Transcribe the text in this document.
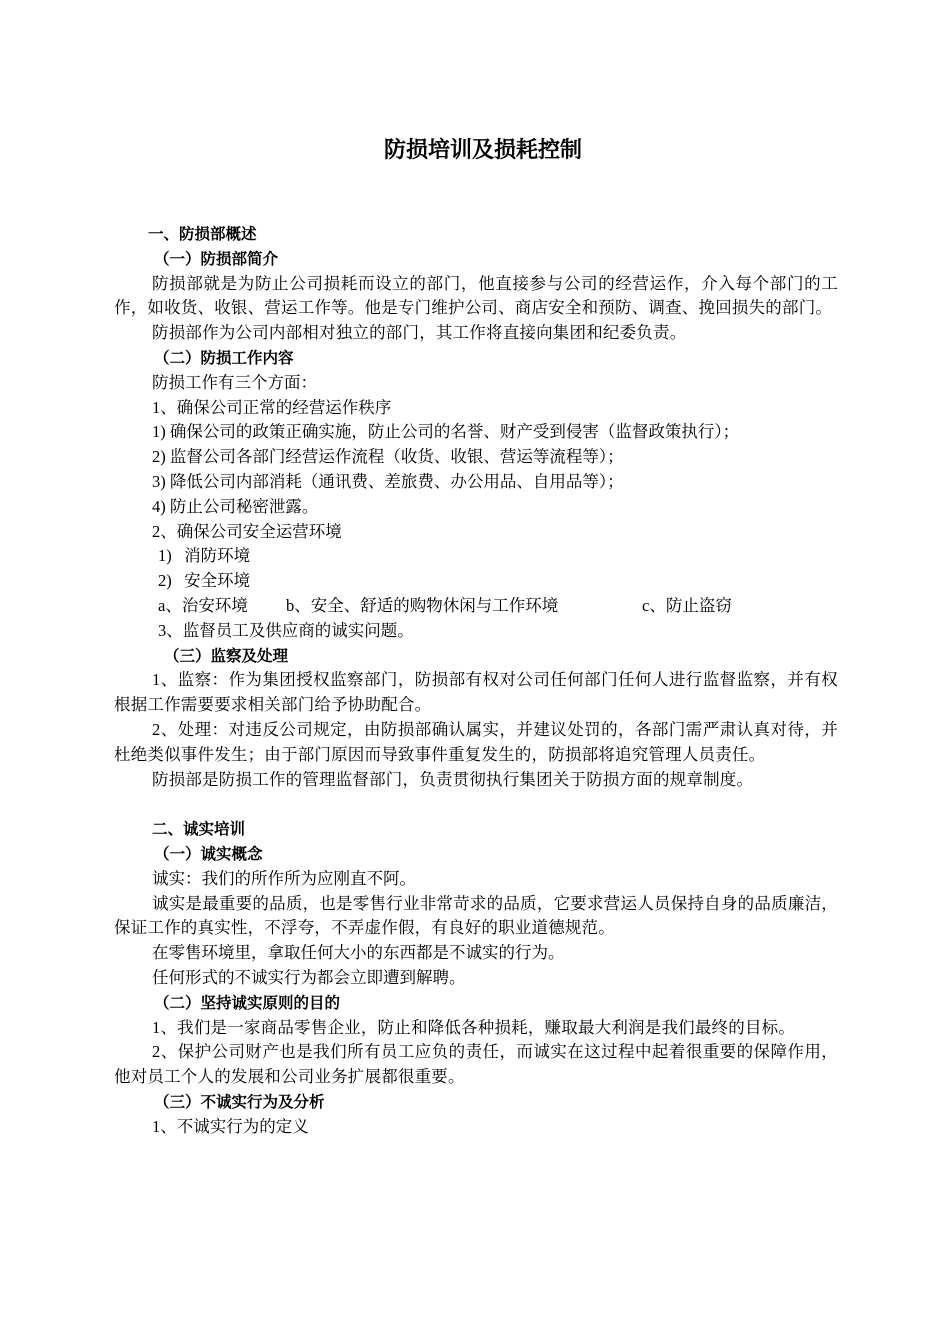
防损培训及损耗控制
一、防损部概述
（一）防损部简介
防损部就是为防止公司损耗而设立的部门，他直接参与公司的经营运作，介入每个部门的工作，如收货、收银、营运工作等。他是专门维护公司、商店安全和预防、调查、挽回损失的部门。
防损部作为公司内部相对独立的部门，其工作将直接向集团和纪委负责。
（二）防损工作内容
防损工作有三个方面：
1、确保公司正常的经营运作秩序
1) 确保公司的政策正确实施，防止公司的名誉、财产受到侵害（监督政策执行）；
2) 监督公司各部门经营运作流程（收货、收银、营运等流程等）；
3) 降低公司内部消耗（通讯费、差旅费、办公用品、自用品等）；
4) 防止公司秘密泄露。
2、确保公司安全运营环境
1)   消防环境
2)   安全环境
a、治安环境 b、安全、舒适的购物休闲与工作环境	c、防止盗窃
3、监督员工及供应商的诚实问题。
（三）监察及处理
1、监察：作为集团授权监察部门，防损部有权对公司任何部门任何人进行监督监察，并有权根据工作需要要求相关部门给予协助配合。
2、处理：对违反公司规定，由防损部确认属实，并建议处罚的，各部门需严肃认真对待，并杜绝类似事件发生；由于部门原因而导致事件重复发生的，防损部将追究管理人员责任。
防损部是防损工作的管理监督部门，负责贯彻执行集团关于防损方面的规章制度。
二、诚实培训
（一）诚实概念
诚实：我们的所作所为应刚直不阿。
诚实是最重要的品质，也是零售行业非常苛求的品质，它要求营运人员保持自身的品质廉洁，保证工作的真实性，不浮夸，不弄虚作假，有良好的职业道德规范。
在零售环境里，拿取任何大小的东西都是不诚实的行为。
任何形式的不诚实行为都会立即遭到解聘。
（二）坚持诚实原则的目的
1、我们是一家商品零售企业，防止和降低各种损耗，赚取最大利润是我们最终的目标。
2、保护公司财产也是我们所有员工应负的责任，而诚实在这过程中起着很重要的保障作用，他对员工个人的发展和公司业务扩展都很重要。
（三）不诚实行为及分析
1、不诚实行为的定义
